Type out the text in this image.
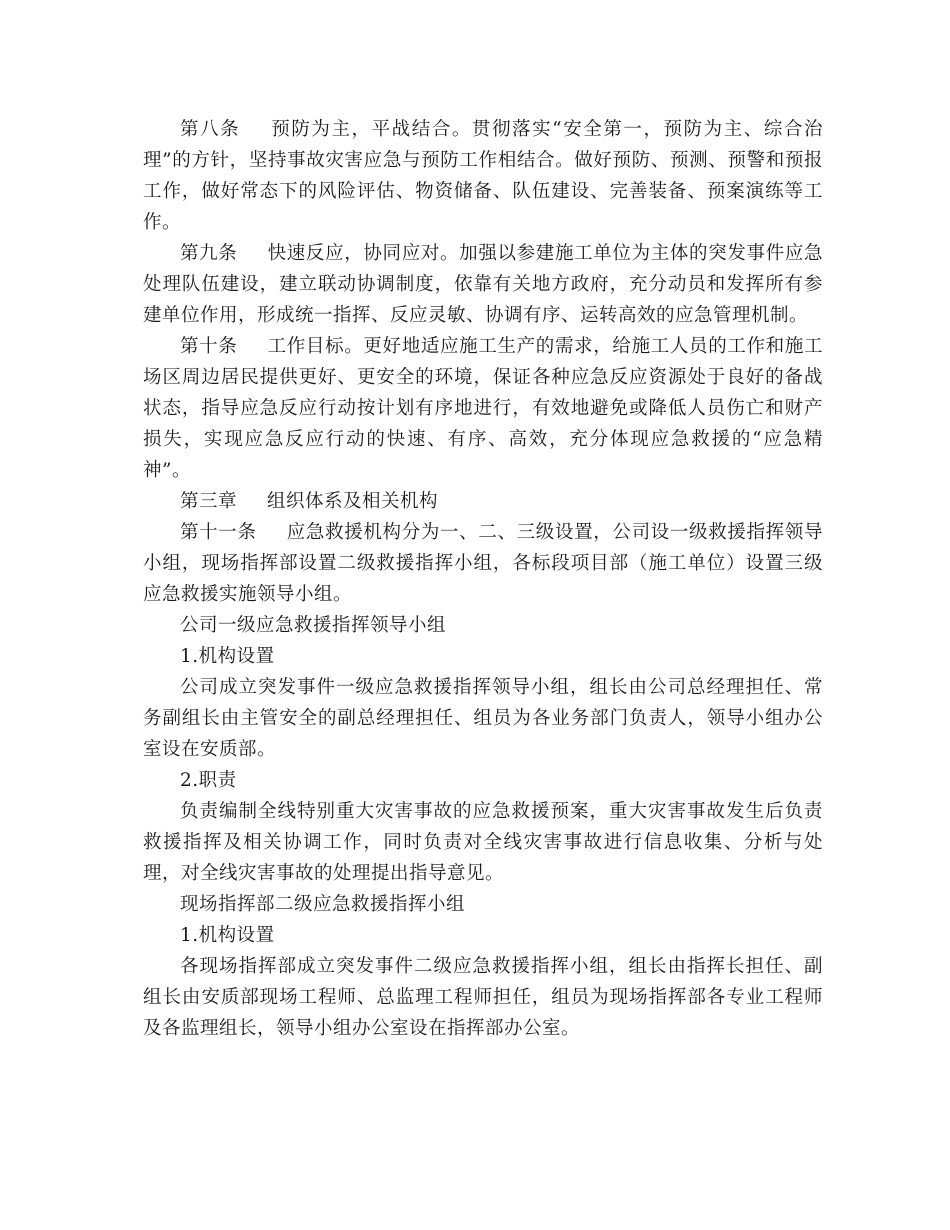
第八条 预防为主，平战结合。贯彻落实“安全第一，预防为主、综合治理”的方针，坚持事故灾害应急与预防工作相结合。做好预防、预测、预警和预报工作，做好常态下的风险评估、物资储备、队伍建设、完善装备、预案演练等工作。

第九条 快速反应，协同应对。加强以参建施工单位为主体的突发事件应急处理队伍建设，建立联动协调制度，依靠有关地方政府，充分动员和发挥所有参建单位作用，形成统一指挥、反应灵敏、协调有序、运转高效的应急管理机制。

第十条 工作目标。更好地适应施工生产的需求，给施工人员的工作和施工场区周边居民提供更好、更安全的环境，保证各种应急反应资源处于良好的备战状态，指导应急反应行动按计划有序地进行，有效地避免或降低人员伤亡和财产损失，实现应急反应行动的快速、有序、高效，充分体现应急救援的“应急精神”。

第三章 组织体系及相关机构

第十一条 应急救援机构分为一、二、三级设置，公司设一级救援指挥领导小组，现场指挥部设置二级救援指挥小组，各标段项目部（施工单位）设置三级应急救援实施领导小组。

公司一级应急救援指挥领导小组

1.机构设置

公司成立突发事件一级应急救援指挥领导小组，组长由公司总经理担任、常务副组长由主管安全的副总经理担任、组员为各业务部门负责人，领导小组办公室设在安质部。

2.职责

负责编制全线特别重大灾害事故的应急救援预案，重大灾害事故发生后负责救援指挥及相关协调工作，同时负责对全线灾害事故进行信息收集、分析与处理，对全线灾害事故的处理提出指导意见。

现场指挥部二级应急救援指挥小组

1.机构设置

各现场指挥部成立突发事件二级应急救援指挥小组，组长由指挥长担任、副组长由安质部现场工程师、总监理工程师担任，组员为现场指挥部各专业工程师及各监理组长，领导小组办公室设在指挥部办公室。
